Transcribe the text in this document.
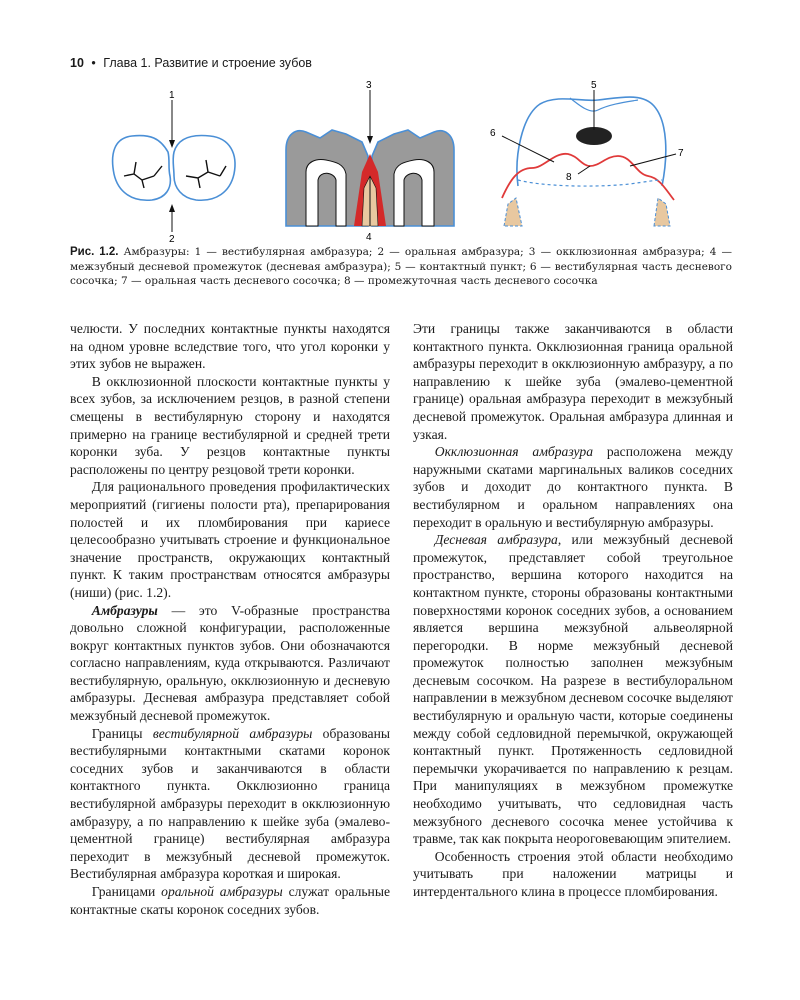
10 • Глава 1. Развитие и строение зубов
1
2
3
4
5
6
7
8
Рис. 1.2. Амбразуры: 1 — вестибулярная амбразура; 2 — оральная амбразура; 3 — окклюзионная амбразура; 4 — межзубный десневой промежуток (десневая амбразура); 5 — контактный пункт; 6 — вестибулярная часть десневого сосочка; 7 — оральная часть десневого сосочка; 8 — промежуточная часть десневого сосочка

челюсти. У последних контактные пункты находятся на одном уровне вследствие того, что угол коронки у этих зубов не выражен.

В окклюзионной плоскости контактные пункты у всех зубов, за исключением резцов, в разной степени смещены в вестибулярную сторону и находятся примерно на границе вестибулярной и средней трети коронки зуба. У резцов контактные пункты расположены по центру резцовой трети коронки.

Для рационального проведения профилактических мероприятий (гигиены полости рта), препарирования полостей и их пломбирования при кариесе целесообразно учитывать строение и функциональное значение пространств, окружающих контактный пункт. К таким пространствам относятся амбразуры (ниши) (рис. 1.2).

Амбразуры — это V-образные пространства довольно сложной конфигурации, расположенные вокруг контактных пунктов зубов. Они обозначаются согласно направлениям, куда открываются. Различают вестибулярную, оральную, окклюзионную и десневую амбразуры. Десневая амбразура представляет собой межзубный десневой промежуток.

Границы вестибулярной амбразуры образованы вестибулярными контактными скатами коронок соседних зубов и заканчиваются в области контактного пункта. Окклюзионно граница вестибулярной амбразуры переходит в окклюзионную амбразуру, а по направлению к шейке зуба (эмалево-цементной границе) вестибулярная амбразура переходит в межзубный десневой промежуток. Вестибулярная амбразура короткая и широкая.

Границами оральной амбразуры служат оральные контактные скаты коронок соседних зубов.

Эти границы также заканчиваются в области контактного пункта. Окклюзионная граница оральной амбразуры переходит в окклюзионную амбразуру, а по направлению к шейке зуба (эмалево-цементной границе) оральная амбразура переходит в межзубный десневой промежуток. Оральная амбразура длинная и узкая.

Окклюзионная амбразура расположена между наружными скатами маргинальных валиков соседних зубов и доходит до контактного пункта. В вестибулярном и оральном направлениях она переходит в оральную и вестибулярную амбразуры.

Десневая амбразура, или межзубный десневой промежуток, представляет собой треугольное пространство, вершина которого находится на контактном пункте, стороны образованы контактными поверхностями коронок соседних зубов, а основанием является вершина межзубной альвеолярной перегородки. В норме межзубный десневой промежуток полностью заполнен межзубным десневым сосочком. На разрезе в вестибулоральном направлении в межзубном десневом сосочке выделяют вестибулярную и оральную части, которые соединены между собой седловидной перемычкой, окружающей контактный пункт. Протяженность седловидной перемычки укорачивается по направлению к резцам. При манипуляциях в межзубном промежутке необходимо учитывать, что седловидная часть межзубного десневого сосочка менее устойчива к травме, так как покрыта неороговевающим эпителием.

Особенность строения этой области необходимо учитывать при наложении матрицы и интердентального клина в процессе пломбирования.
